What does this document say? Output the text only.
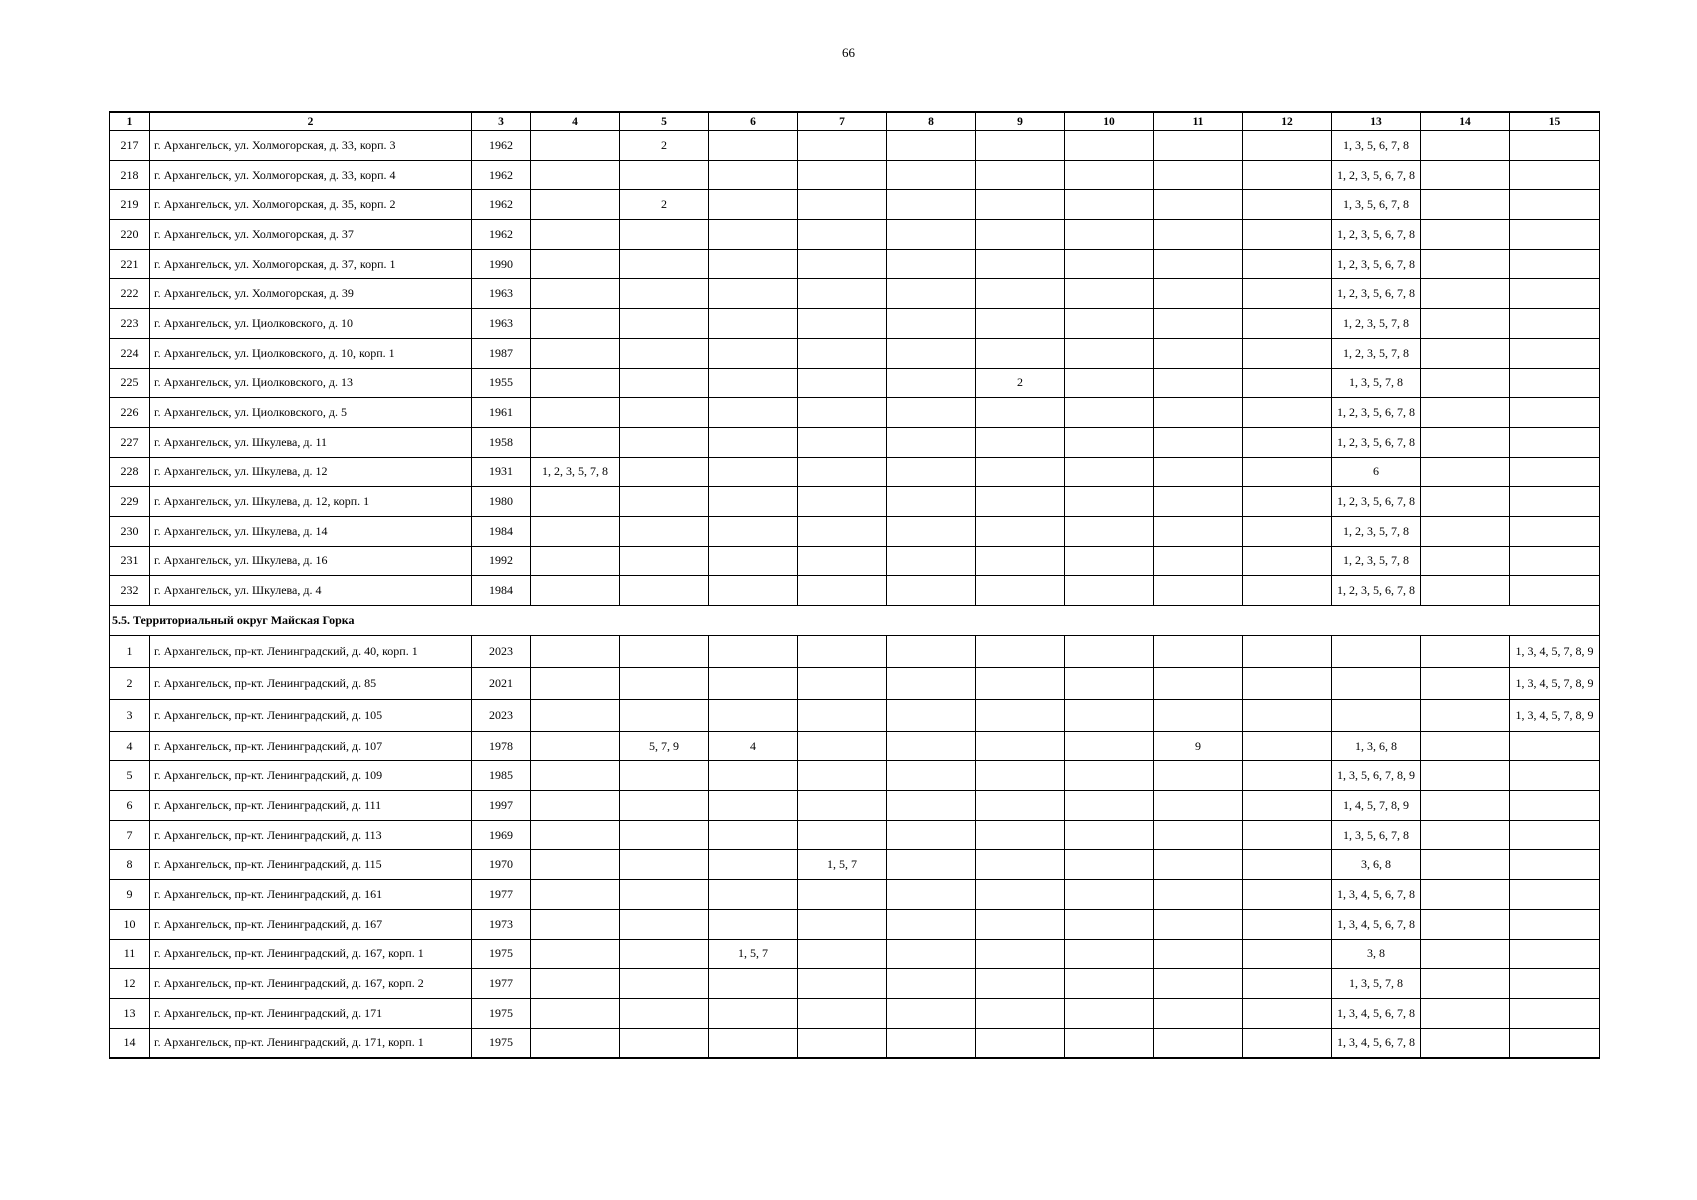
66
1	2	3	4	5	6	7	8	9	10	11	12	13	14	15
217	г. Архангельск, ул. Холмогорская, д. 33, корп. 3	1962		2								1, 3, 5, 6, 7, 8		
218	г. Архангельск, ул. Холмогорская, д. 33, корп. 4	1962										1, 2, 3, 5, 6, 7, 8		
219	г. Архангельск, ул. Холмогорская, д. 35, корп. 2	1962		2								1, 3, 5, 6, 7, 8		
220	г. Архангельск, ул. Холмогорская, д. 37	1962										1, 2, 3, 5, 6, 7, 8		
221	г. Архангельск, ул. Холмогорская, д. 37, корп. 1	1990										1, 2, 3, 5, 6, 7, 8		
222	г. Архангельск, ул. Холмогорская, д. 39	1963										1, 2, 3, 5, 6, 7, 8		
223	г. Архангельск, ул. Циолковского, д. 10	1963										1, 2, 3, 5, 7, 8		
224	г. Архангельск, ул. Циолковского, д. 10, корп. 1	1987										1, 2, 3, 5, 7, 8		
225	г. Архангельск, ул. Циолковского, д. 13	1955						2				1, 3, 5, 7, 8		
226	г. Архангельск, ул. Циолковского, д. 5	1961										1, 2, 3, 5, 6, 7, 8		
227	г. Архангельск, ул. Шкулева, д. 11	1958										1, 2, 3, 5, 6, 7, 8		
228	г. Архангельск, ул. Шкулева, д. 12	1931	1, 2, 3, 5, 7, 8									6		
229	г. Архангельск, ул. Шкулева, д. 12, корп. 1	1980										1, 2, 3, 5, 6, 7, 8		
230	г. Архангельск, ул. Шкулева, д. 14	1984										1, 2, 3, 5, 7, 8		
231	г. Архангельск, ул. Шкулева, д. 16	1992										1, 2, 3, 5, 7, 8		
232	г. Архангельск, ул. Шкулева, д. 4	1984										1, 2, 3, 5, 6, 7, 8		
5.5. Территориальный округ Майская Горка														
1	г. Архангельск, пр-кт. Ленинградский, д. 40, корп. 1	2023												1, 3, 4, 5, 7, 8, 9
2	г. Архангельск, пр-кт. Ленинградский, д. 85	2021												1, 3, 4, 5, 7, 8, 9
3	г. Архангельск, пр-кт. Ленинградский, д. 105	2023												1, 3, 4, 5, 7, 8, 9
4	г. Архангельск, пр-кт. Ленинградский, д. 107	1978		5, 7, 9	4					9		1, 3, 6, 8		
5	г. Архангельск, пр-кт. Ленинградский, д. 109	1985										1, 3, 5, 6, 7, 8, 9		
6	г. Архангельск, пр-кт. Ленинградский, д. 111	1997										1, 4, 5, 7, 8, 9		
7	г. Архангельск, пр-кт. Ленинградский, д. 113	1969										1, 3, 5, 6, 7, 8		
8	г. Архангельск, пр-кт. Ленинградский, д. 115	1970				1, 5, 7						3, 6, 8		
9	г. Архангельск, пр-кт. Ленинградский, д. 161	1977										1, 3, 4, 5, 6, 7, 8		
10	г. Архангельск, пр-кт. Ленинградский, д. 167	1973										1, 3, 4, 5, 6, 7, 8		
11	г. Архангельск, пр-кт. Ленинградский, д. 167, корп. 1	1975			1, 5, 7							3, 8		
12	г. Архангельск, пр-кт. Ленинградский, д. 167, корп. 2	1977										1, 3, 5, 7, 8		
13	г. Архангельск, пр-кт. Ленинградский, д. 171	1975										1, 3, 4, 5, 6, 7, 8		
14	г. Архангельск, пр-кт. Ленинградский, д. 171, корп. 1	1975										1, 3, 4, 5, 6, 7, 8		
